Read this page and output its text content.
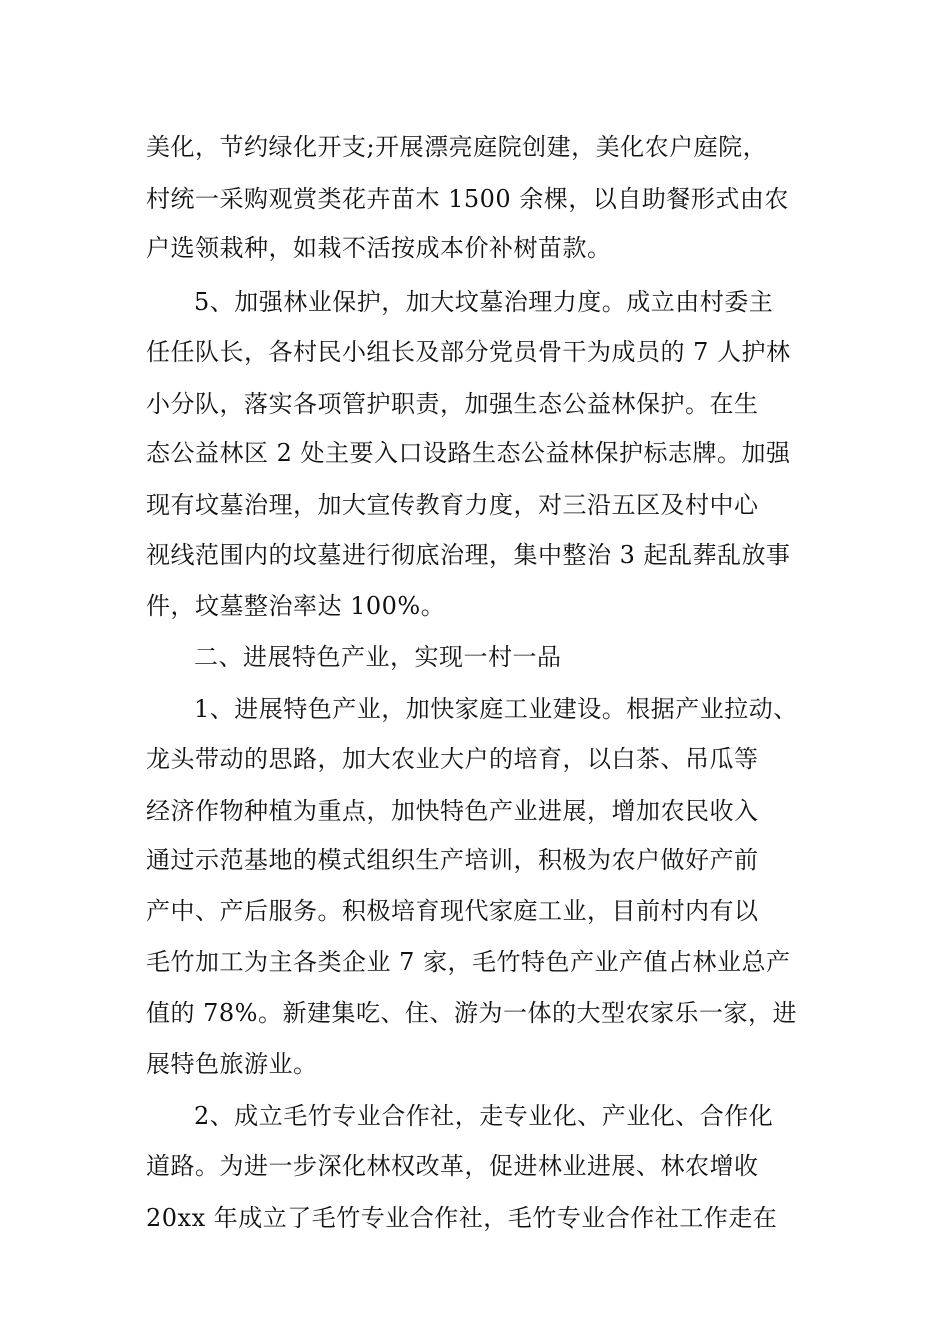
美化，节约绿化开支;开展漂亮庭院创建，美化农户庭院，
村统一采购观赏类花卉苗木 1500 余棵，以自助餐形式由农
户选领栽种，如栽不活按成本价补树苗款。
5、加强林业保护，加大坟墓治理力度。成立由村委主
任任队长，各村民小组长及部分党员骨干为成员的 7 人护林
小分队，落实各项管护职责，加强生态公益林保护。在生
态公益林区 2 处主要入口设路生态公益林保护标志牌。加强
现有坟墓治理，加大宣传教育力度，对三沿五区及村中心
视线范围内的坟墓进行彻底治理，集中整治 3 起乱葬乱放事
件，坟墓整治率达 100%。
二、进展特色产业，实现一村一品
1、进展特色产业，加快家庭工业建设。根据产业拉动、
龙头带动的思路，加大农业大户的培育，以白茶、吊瓜等
经济作物种植为重点，加快特色产业进展，增加农民收入
通过示范基地的模式组织生产培训，积极为农户做好产前
产中、产后服务。积极培育现代家庭工业，目前村内有以
毛竹加工为主各类企业 7 家，毛竹特色产业产值占林业总产
值的 78%。新建集吃、住、游为一体的大型农家乐一家，进
展特色旅游业。
2、成立毛竹专业合作社，走专业化、产业化、合作化
道路。为进一步深化林权改革，促进林业进展、林农增收
20xx 年成立了毛竹专业合作社，毛竹专业合作社工作走在
